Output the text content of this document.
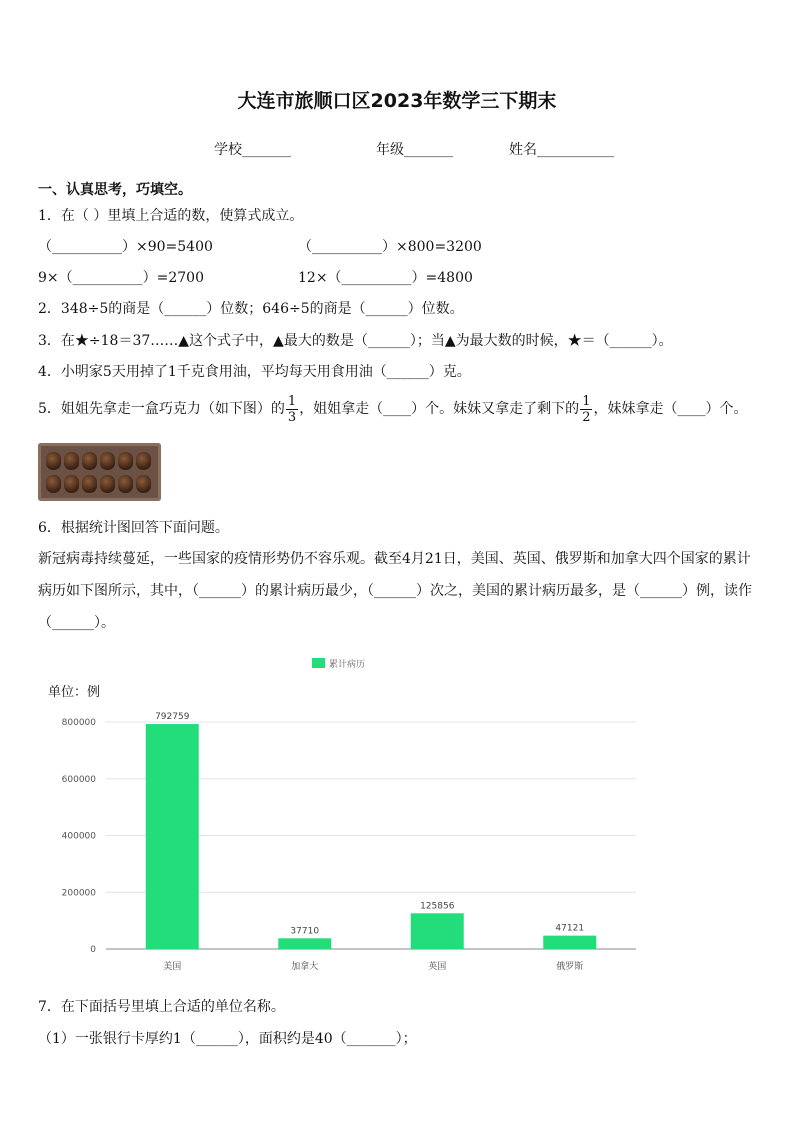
大连市旅顺口区2023年数学三下期末
学校_______	年级_______	姓名___________
一、认真思考，巧填空。
1．在（ ）里填上合适的数，使算式成立。
（__________）×90=5400	（__________）×800=3200
9×（__________）=2700	12×（__________）=4800
2．348÷5的商是（______）位数；646÷5的商是（______）位数。
3．在★÷18＝37……▲这个式子中，▲最大的数是（______）；当▲为最大数的时候，★＝（______）。
4．小明家5天用掉了1千克食用油，平均每天用食用油（______）克。
5．姐姐先拿走一盒巧克力（如下图）的 $\frac{1}{3}$ ，姐姐拿走（____）个。妹妹又拿走了剩下的 $\frac{1}{2}$ ，妹妹拿走（____）个。
6．根据统计图回答下面问题。
新冠病毒持续蔓延，一些国家的疫情形势仍不容乐观。截至4月21日，美国、英国、俄罗斯和加拿大四个国家的累计病历如下图所示，其中，（______）的累计病历最少，（______）次之，美国的累计病历最多，是（______）例，读作（______）。
单位：例
0
200000
400000
600000
800000
792759
37710
125856
47121
美国	加拿大	英国	俄罗斯
累计病历
7．在下面括号里填上合适的单位名称。
（1）一张银行卡厚约1（______），面积约是40（_______）；
